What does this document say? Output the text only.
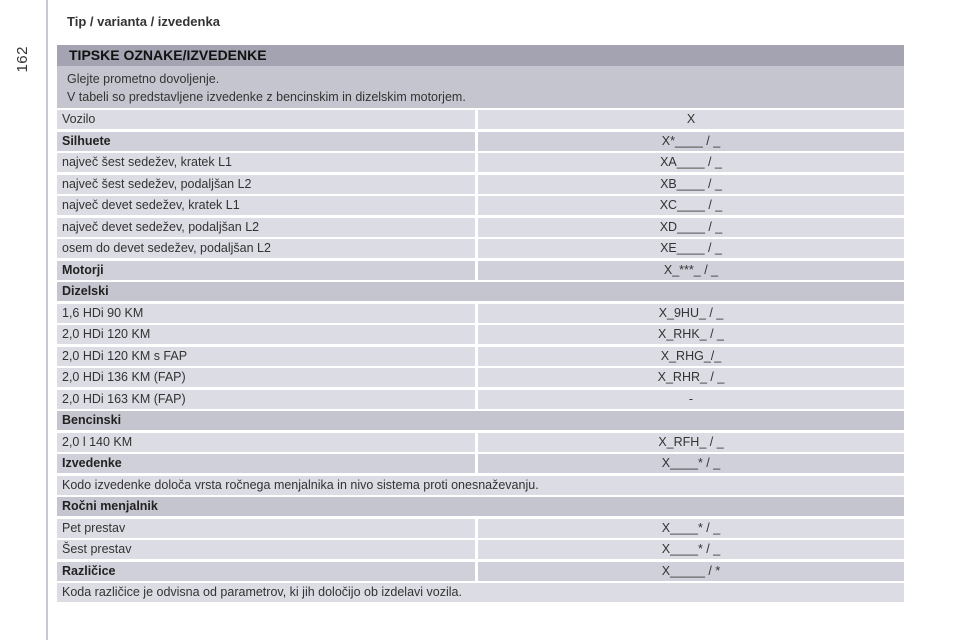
162
Tip / varianta / izvedenka
TIPSKE OZNAKE/IZVEDENKE
Glejte prometno dovoljenje.
V tabeli so predstavljene izvedenke z bencinskim in dizelskim motorjem.
Vozilo	X
Silhuete	X*____ / _
največ šest sedežev, kratek L1	XA____ / _
največ šest sedežev, podaljšan L2	XB____ / _
največ devet sedežev, kratek L1	XC____ / _
največ devet sedežev, podaljšan L2	XD____ / _
osem do devet sedežev, podaljšan L2	XE____ / _
Motorji	X_***_ / _
Dizelski
1,6 HDi 90 KM	X_9HU_ / _
2,0 HDi 120 KM	X_RHK_ / _
2,0 HDi 120 KM s FAP	X_RHG_/_
2,0 HDi 136 KM (FAP)	X_RHR_ / _
2,0 HDi 163 KM (FAP)	-
Bencinski
2,0 l 140 KM	X_RFH_ / _
Izvedenke	X____* / _
Kodo izvedenke določa vrsta ročnega menjalnika in nivo sistema proti onesnaževanju.
Ročni menjalnik
Pet prestav	X____* / _
Šest prestav	X____* / _
Različice	X_____ / *
Koda različice je odvisna od parametrov, ki jih določijo ob izdelavi vozila.
